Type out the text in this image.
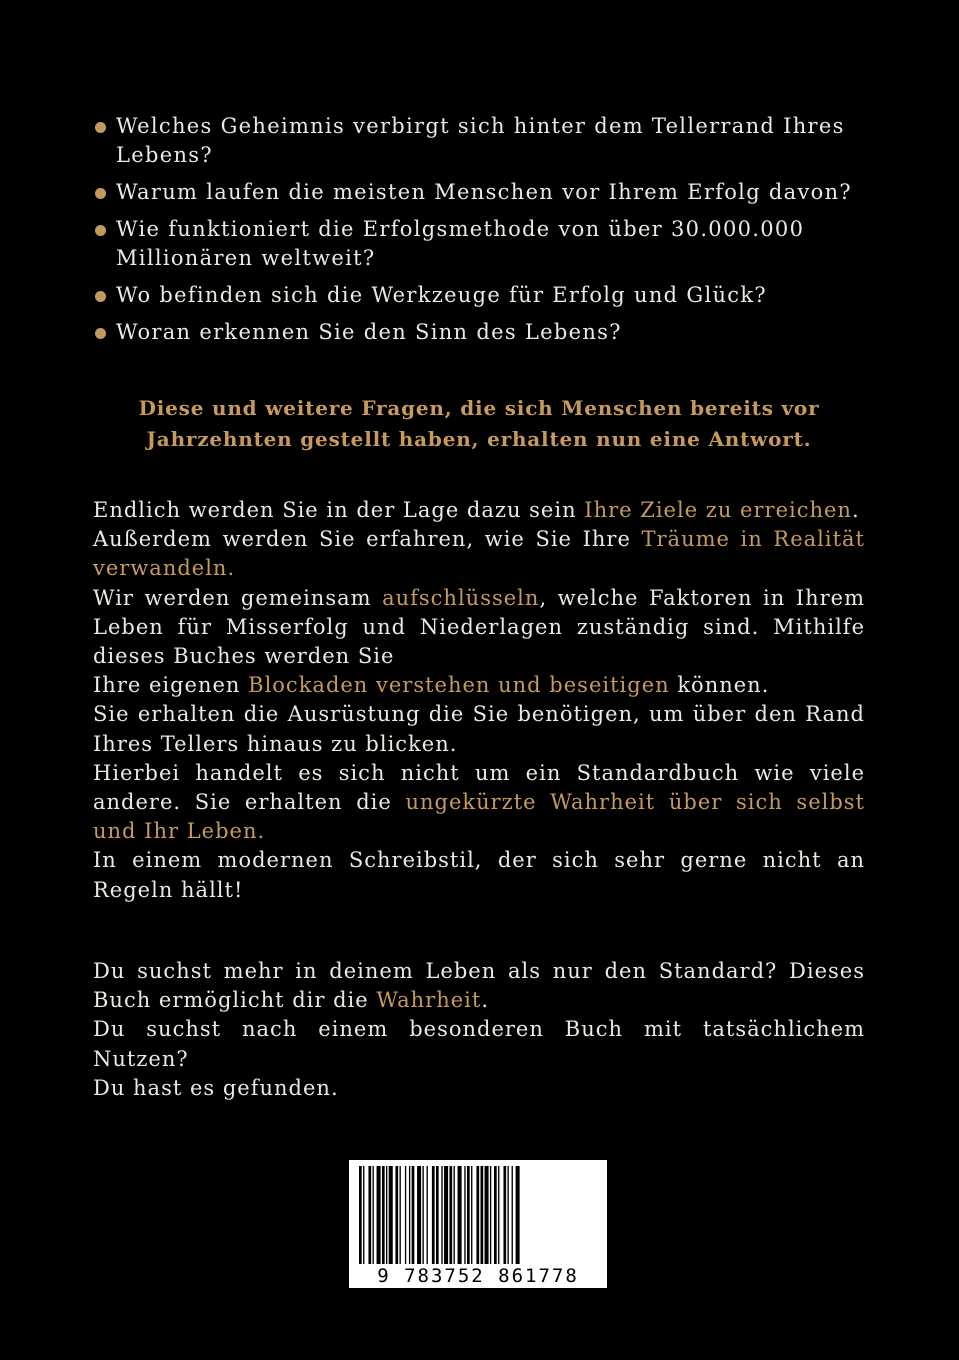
Welches Geheimnis verbirgt sich hinter dem Tellerrand Ihres Lebens?
Warum laufen die meisten Menschen vor Ihrem Erfolg davon?
Wie funktioniert die Erfolgsmethode von über 30.000.000 Millionären weltweit?
Wo befinden sich die Werkzeuge für Erfolg und Glück?
Woran erkennen Sie den Sinn des Lebens?
Diese und weitere Fragen, die sich Menschen bereits vor Jahrzehnten gestellt haben, erhalten nun eine Antwort.

Endlich werden Sie in der Lage dazu sein Ihre Ziele zu erreichen.

Außerdem werden Sie erfahren, wie Sie Ihre Träume in Realität verwandeln.

Wir werden gemeinsam aufschlüsseln, welche Faktoren in Ihrem Leben für Misserfolg und Niederlagen zuständig sind. Mithilfe dieses Buches werden Sie

Ihre eigenen Blockaden verstehen und beseitigen können.

Sie erhalten die Ausrüstung die Sie benötigen, um über den Rand Ihres Tellers hinaus zu blicken.

Hierbei handelt es sich nicht um ein Standardbuch wie viele andere. Sie erhalten die ungekürzte Wahrheit über sich selbst und Ihr Leben.

In einem modernen Schreibstil, der sich sehr gerne nicht an Regeln hällt!

Du suchst mehr in deinem Leben als nur den Standard? Dieses Buch ermöglicht dir die Wahrheit.

Du suchst nach einem besonderen Buch mit tatsächlichem Nutzen?

Du hast es gefunden.

9 783752 861778
